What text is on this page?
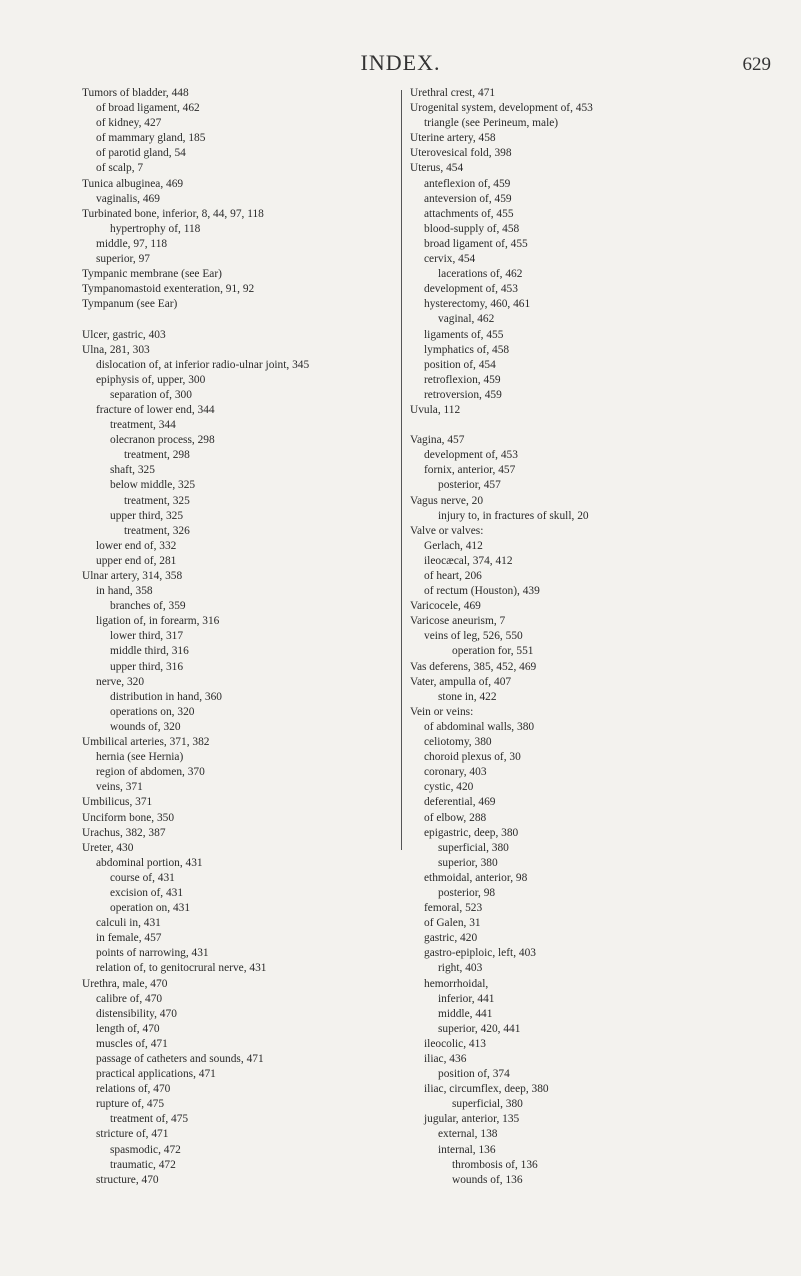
INDEX.	629
Tumors of bladder, 448
of broad ligament, 462
of kidney, 427
of mammary gland, 185
of parotid gland, 54
of scalp, 7
Tunica albuginea, 469
vaginalis, 469
Turbinated bone, inferior, 8, 44, 97, 118
hypertrophy of, 118
middle, 97, 118
superior, 97
Tympanic membrane (see Ear)
Tympanomastoid exenteration, 91, 92
Tympanum (see Ear)
Ulcer, gastric, 403
Ulna, 281, 303
dislocation of, at inferior radio-ulnar joint, 345
epiphysis of, upper, 300
separation of, 300
fracture of lower end, 344
treatment, 344
olecranon process, 298
treatment, 298
shaft, 325
below middle, 325
treatment, 325
upper third, 325
treatment, 326
lower end of, 332
upper end of, 281
Ulnar artery, 314, 358
in hand, 358
branches of, 359
ligation of, in forearm, 316
lower third, 317
middle third, 316
upper third, 316
nerve, 320
distribution in hand, 360
operations on, 320
wounds of, 320
Umbilical arteries, 371, 382
hernia (see Hernia)
region of abdomen, 370
veins, 371
Umbilicus, 371
Unciform bone, 350
Urachus, 382, 387
Ureter, 430
abdominal portion, 431
course of, 431
excision of, 431
operation on, 431
calculi in, 431
in female, 457
points of narrowing, 431
relation of, to genitocrural nerve, 431
Urethra, male, 470
calibre of, 470
distensibility, 470
length of, 470
muscles of, 471
passage of catheters and sounds, 471
practical applications, 471
relations of, 470
rupture of, 475
treatment of, 475
stricture of, 471
spasmodic, 472
traumatic, 472
structure, 470
Urethral crest, 471
Urogenital system, development of, 453
triangle (see Perineum, male)
Uterine artery, 458
Uterovesical fold, 398
Uterus, 454
anteflexion of, 459
anteversion of, 459
attachments of, 455
blood-supply of, 458
broad ligament of, 455
cervix, 454
lacerations of, 462
development of, 453
hysterectomy, 460, 461
vaginal, 462
ligaments of, 455
lymphatics of, 458
position of, 454
retroflexion, 459
retroversion, 459
Uvula, 112
Vagina, 457
development of, 453
fornix, anterior, 457
posterior, 457
Vagus nerve, 20
injury to, in fractures of skull, 20
Valve or valves:
Gerlach, 412
ileocæcal, 374, 412
of heart, 206
of rectum (Houston), 439
Varicocele, 469
Varicose aneurism, 7
veins of leg, 526, 550
operation for, 551
Vas deferens, 385, 452, 469
Vater, ampulla of, 407
stone in, 422
Vein or veins:
of abdominal walls, 380
celiotomy, 380
choroid plexus of, 30
coronary, 403
cystic, 420
deferential, 469
of elbow, 288
epigastric, deep, 380
superficial, 380
superior, 380
ethmoidal, anterior, 98
posterior, 98
femoral, 523
of Galen, 31
gastric, 420
gastro-epiploic, left, 403
right, 403
hemorrhoidal,
inferior, 441
middle, 441
superior, 420, 441
ileocolic, 413
iliac, 436
position of, 374
iliac, circumflex, deep, 380
superficial, 380
jugular, anterior, 135
external, 138
internal, 136
thrombosis of, 136
wounds of, 136
